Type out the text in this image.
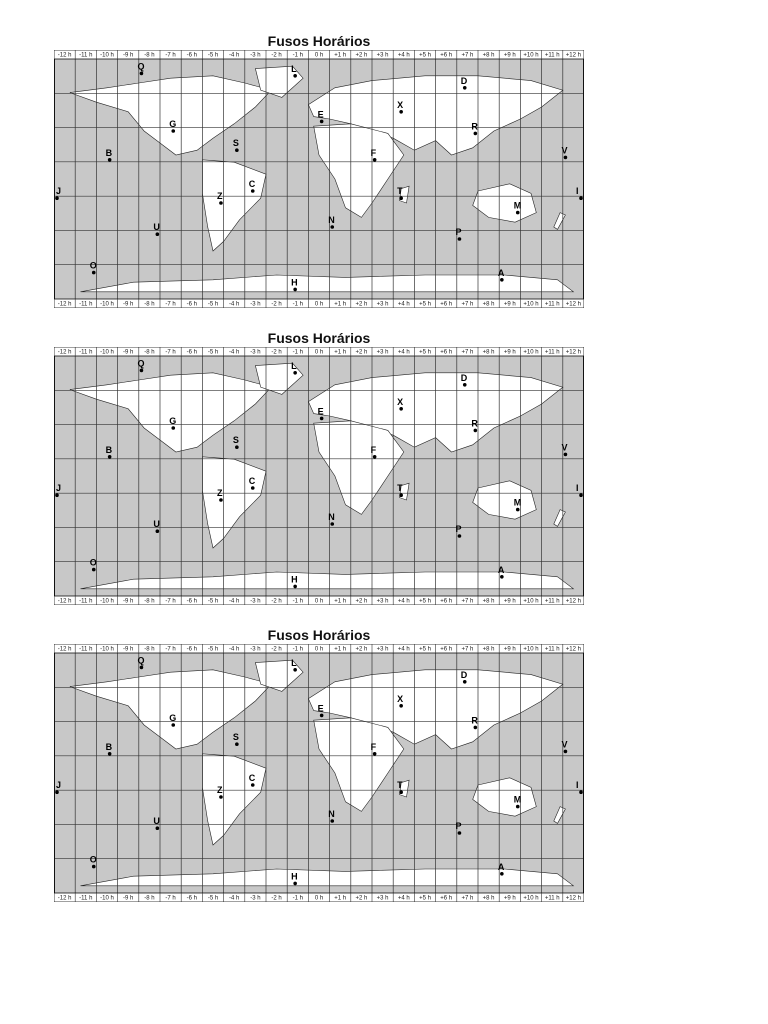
Fusos Horários
Q	L
D
X
E
G	R
S
B	F	V
J
C
Z	T	I
M
U
N
P
O
A
H
-12 h -11 h -10 h -9 h -8 h -7 h -6 h -5 h -4 h -3 h -2 h -1 h 0 h +1 h +2 h +3 h +4 h +5 h +6 h +7 h +8 h +9 h +10 h +11 h +12 h
-12 h -11 h -10 h -9 h -8 h -7 h -6 h -5 h -4 h -3 h -2 h -1 h 0 h +1 h +2 h +3 h +4 h +5 h +6 h +7 h +8 h +9 h +10 h +11 h +12 h
Fusos Horários
Q	L
D
X
E
G	R
S
B	F	V
J
C
Z	T	I
M
U
N
P
O
A
H
-12 h -11 h -10 h -9 h -8 h -7 h -6 h -5 h -4 h -3 h -2 h -1 h 0 h +1 h +2 h +3 h +4 h +5 h +6 h +7 h +8 h +9 h +10 h +11 h +12 h
-12 h -11 h -10 h -9 h -8 h -7 h -6 h -5 h -4 h -3 h -2 h -1 h 0 h +1 h +2 h +3 h +4 h +5 h +6 h +7 h +8 h +9 h +10 h +11 h +12 h
Fusos Horários
Q	L
D
X
E
G	R
S
B	F	V
J
C
Z	T	I
M
U
N
P
O
A
H
-12 h -11 h -10 h -9 h -8 h -7 h -6 h -5 h -4 h -3 h -2 h -1 h 0 h +1 h +2 h +3 h +4 h +5 h +6 h +7 h +8 h +9 h +10 h +11 h +12 h
-12 h -11 h -10 h -9 h -8 h -7 h -6 h -5 h -4 h -3 h -2 h -1 h 0 h +1 h +2 h +3 h +4 h +5 h +6 h +7 h +8 h +9 h +10 h +11 h +12 h
